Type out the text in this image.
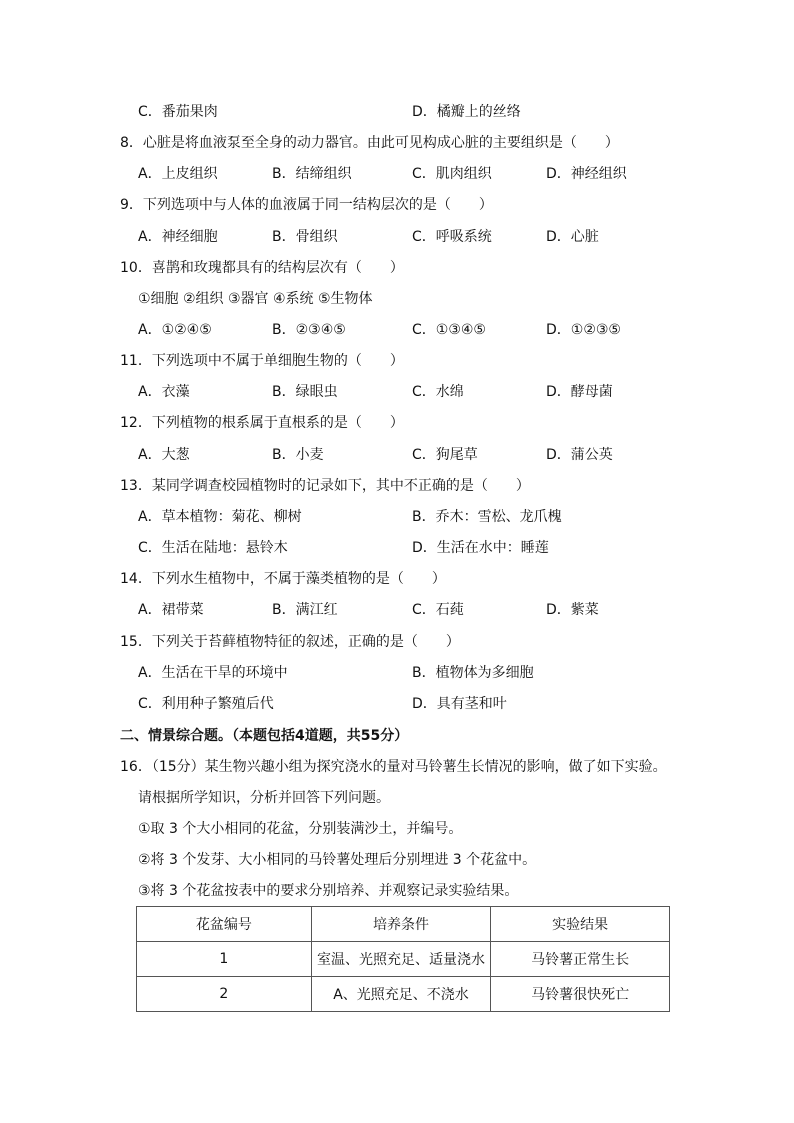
C．番茄果肉	D．橘瓣上的丝络
8．心脏是将血液泵至全身的动力器官。由此可见构成心脏的主要组织是（　　）
A．上皮组织	B．结缔组织	C．肌肉组织	D．神经组织
9．下列选项中与人体的血液属于同一结构层次的是（　　）
A．神经细胞	B．骨组织	C．呼吸系统	D．心脏
10．喜鹊和玫瑰都具有的结构层次有（　　）
①细胞 ②组织 ③器官 ④系统 ⑤生物体
A．①②④⑤	B．②③④⑤	C．①③④⑤	D．①②③⑤
11．下列选项中不属于单细胞生物的（　　）
A．衣藻	B．绿眼虫	C．水绵	D．酵母菌
12．下列植物的根系属于直根系的是（　　）
A．大葱	B．小麦	C．狗尾草	D．蒲公英
13．某同学调查校园植物时的记录如下，其中不正确的是（　　）
A．草本植物：菊花、柳树	B．乔木：雪松、龙爪槐
C．生活在陆地：悬铃木	D．生活在水中：睡莲
14．下列水生植物中，不属于藻类植物的是（　　）
A．裙带菜	B．满江红	C．石莼	D．紫菜
15．下列关于苔藓植物特征的叙述，正确的是（　　）
A．生活在干旱的环境中	B．植物体为多细胞
C．利用种子繁殖后代	D．具有茎和叶
二、情景综合题。（本题包括4道题，共55分）
16．（15分）某生物兴趣小组为探究浇水的量对马铃薯生长情况的影响，做了如下实验。
请根据所学知识，分析并回答下列问题。
①取 3 个大小相同的花盆，分别装满沙土，并编号。
②将 3 个发芽、大小相同的马铃薯处理后分别埋进 3 个花盆中。
③将 3 个花盆按表中的要求分别培养、并观察记录实验结果。
花盆编号	培养条件	实验结果
1	室温、光照充足、适量浇水	马铃薯正常生长
2	A、光照充足、不浇水	马铃薯很快死亡
